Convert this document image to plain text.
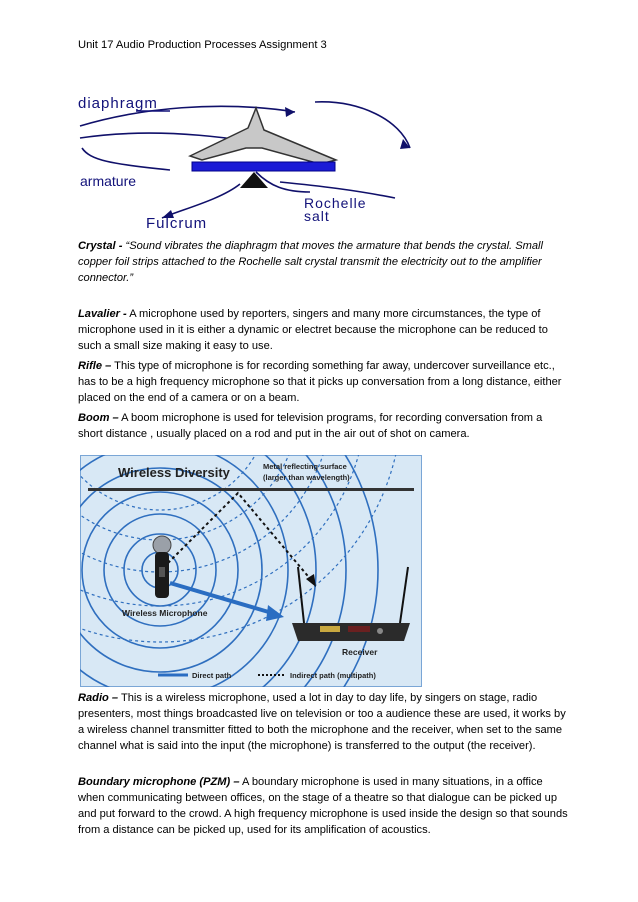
Unit 17 Audio Production Processes Assignment 3
diaphragm
armature
Fulcrum
Rochelle
salt

Crystal - “Sound vibrates the diaphragm that moves the armature that bends the crystal. Small copper foil strips attached to the Rochelle salt crystal transmit the electricity out to the amplifier connector.”

Lavalier - A microphone used by reporters, singers and many more circumstances, the type of microphone used in it is either a dynamic or electret because the microphone can be reduced to such a small size making it easy to use.

Rifle – This type of microphone is for recording something far away, undercover surveillance etc., has to be a high frequency microphone so that it picks up conversation from a long distance, either placed on the end of a camera or on a beam.

Boom – A boom microphone is used for television programs, for recording conversation from a short distance , usually placed on a rod and put in the air out of shot on camera.

Wireless Diversity	Metal reflecting surface
(larger than wavelength)
Wireless Microphone
Receiver
Direct path	Indirect path (multipath)

Radio – This is a wireless microphone, used a lot in day to day life, by singers on stage, radio presenters, most things broadcasted live on television or too a audience these are used, it works by a wireless channel transmitter fitted to both the microphone and the receiver, when set to the same channel what is said into the input (the microphone) is transferred to the output (the receiver).

Boundary microphone (PZM) – A boundary microphone is used in many situations, in a office when communicating between offices, on the stage of a theatre so that dialogue can be picked up and put forward to the crowd. A high frequency microphone is used inside the design so that sounds from a distance can be picked up, used for its amplification of acoustics.
